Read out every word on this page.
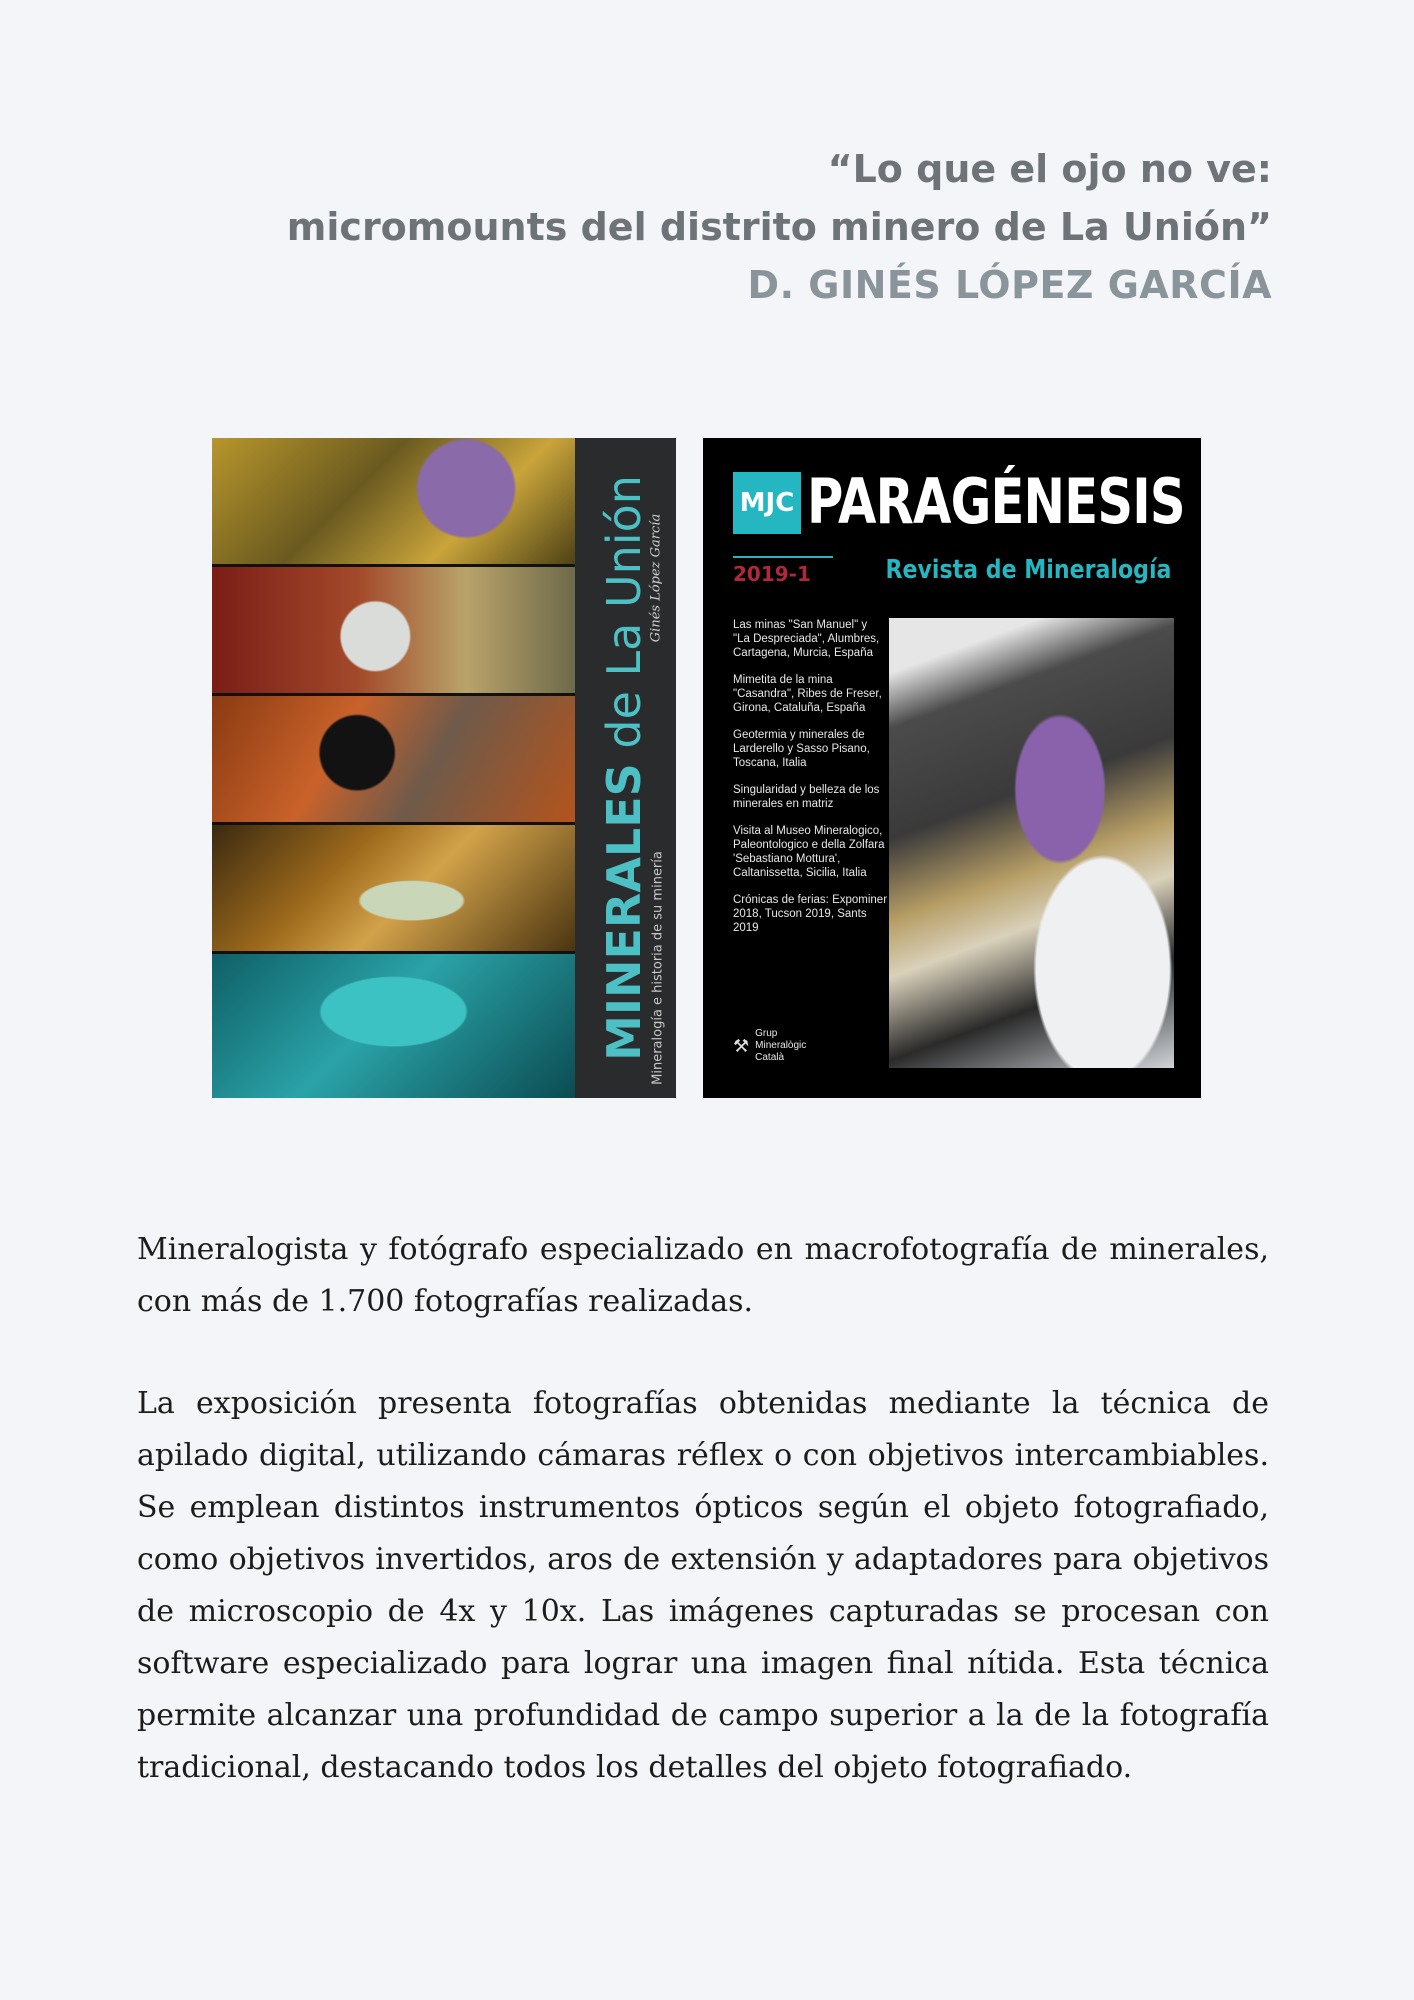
“Lo que el ojo no ve:
micromounts del distrito minero de La Unión”
D. GINÉS LÓPEZ GARCÍA
MINERALES de La Unión
Mineralogía e historia de su minería
Ginés López García
MJC PARAGÉNESIS
2019-1	Revista de Mineralogía
Las minas "San Manuel" y
"La Despreciada", Alumbres,
Cartagena, Murcia, España
Mimetita de la mina
"Casandra", Ribes de Freser,
Girona, Cataluña, España
Geotermia y minerales de
Larderello y Sasso Pisano,
Toscana, Italia
Singularidad y belleza de los
minerales en matriz
Visita al Museo Mineralogico,
Paleontologico e della Zolfara
'Sebastiano Mottura',
Caltanissetta, Sicilia, Italia
Crónicas de ferias: Expominer
2018, Tucson 2019, Sants 2019
⚒
Grup
Mineralògic
Català

Mineralogista y fotógrafo especializado en macrofotografía de minerales, con más de 1.700 fotografías realizadas.

La exposición presenta fotografías obtenidas mediante la técnica de apilado digital, utilizando cámaras réflex o con objetivos intercambiables. Se emplean distintos instrumentos ópticos según el objeto fotografiado, como objetivos invertidos, aros de extensión y adaptadores para objetivos de microscopio de 4x y 10x. Las imágenes capturadas se procesan con software especializado para lograr una imagen final nítida. Esta técnica permite alcanzar una profundidad de campo superior a la de la fotografía tradicional, destacando todos los detalles del objeto fotografiado.
